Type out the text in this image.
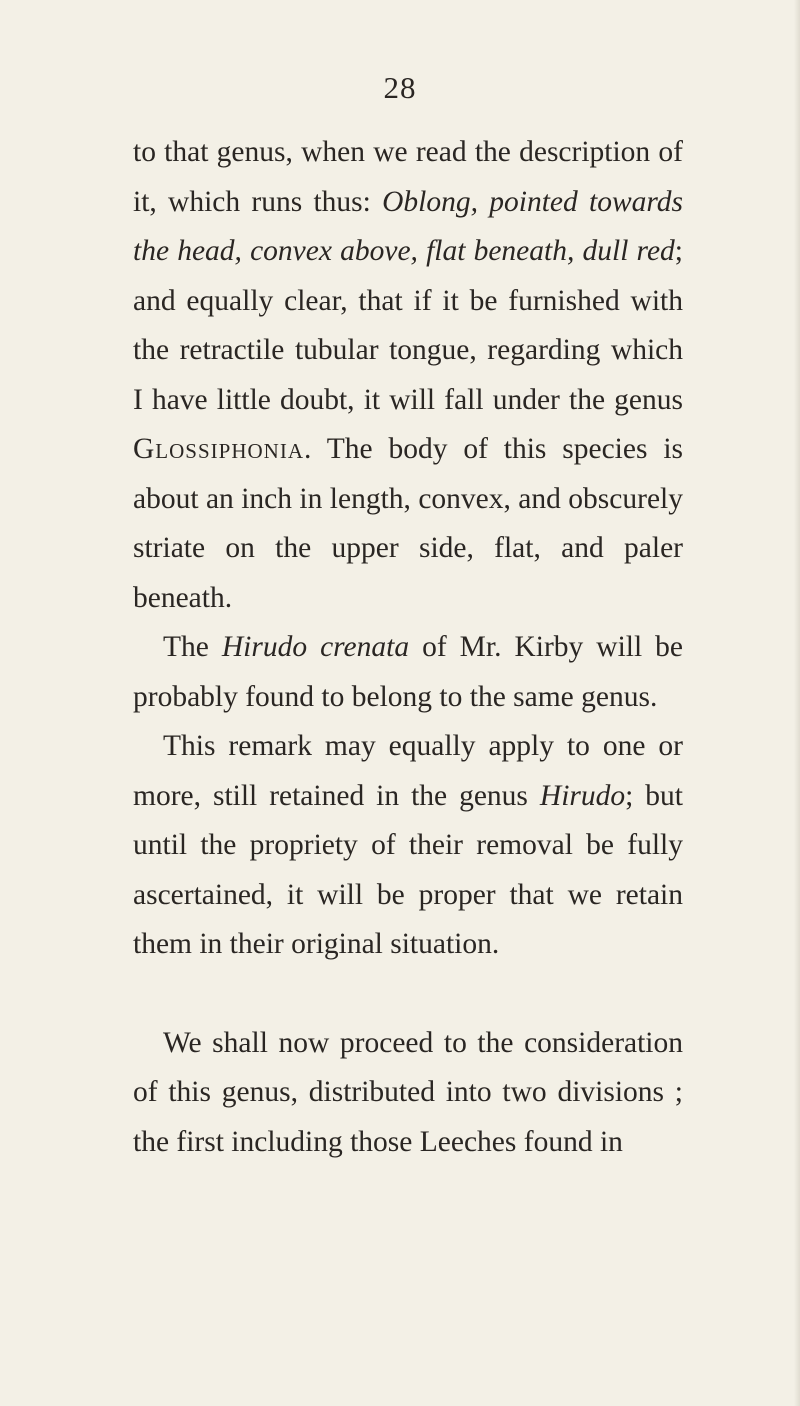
28

to that genus, when we read the description of it, which runs thus: Oblong, pointed towards the head, convex above, flat beneath, dull red; and equally clear, that if it be furnished with the retractile tubular tongue, regarding which I have little doubt, it will fall under the genus Glossiphonia. The body of this species is about an inch in length, convex, and obscurely striate on the upper side, flat, and paler beneath.

The Hirudo crenata of Mr. Kirby will be probably found to belong to the same genus.

This remark may equally apply to one or more, still retained in the genus Hirudo; but until the propriety of their removal be fully ascertained, it will be proper that we retain them in their original situation.

We shall now proceed to the consideration of this genus, distributed into two divisions ; the first including those Leeches found in
